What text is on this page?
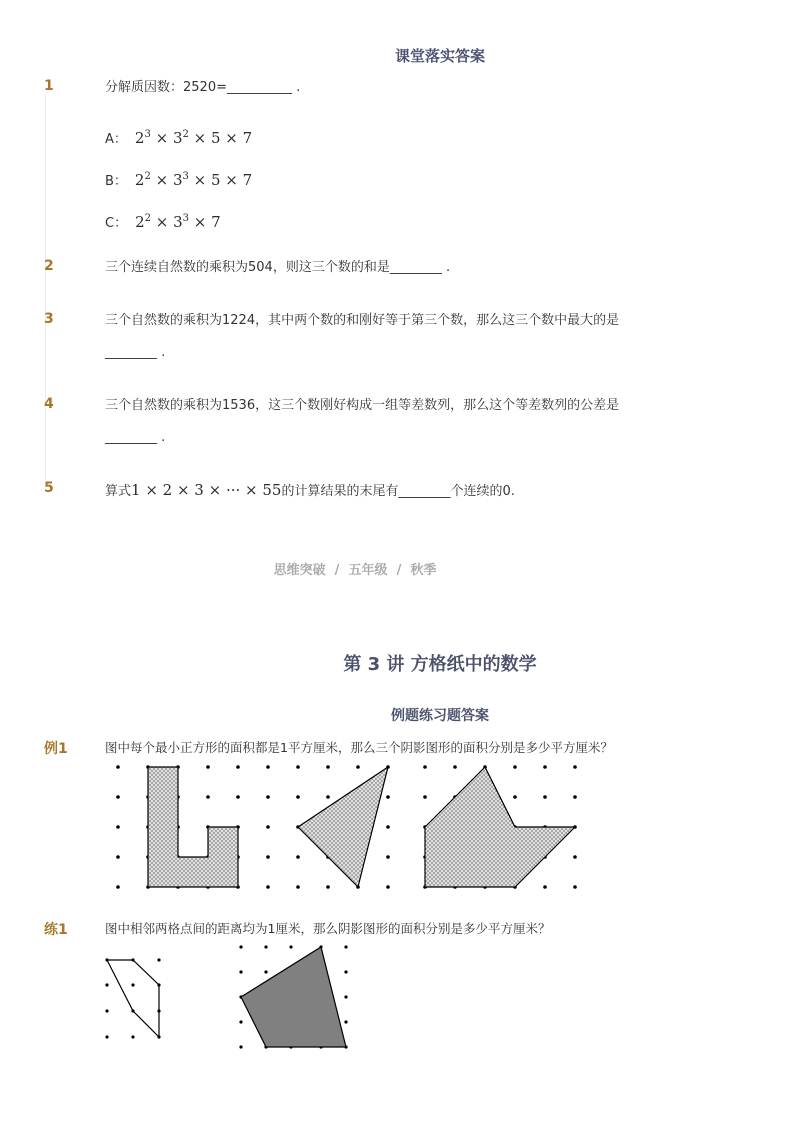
课堂落实答案
1	分解质因数：2520=__________ .
A： $2^3 \times 3^2 \times 5 \times 7$
B： $2^2 \times 3^3 \times 5 \times 7$
C： $2^2 \times 3^3 \times 7$
2	三个连续自然数的乘积为504，则这三个数的和是________ .
3	三个自然数的乘积为1224，其中两个数的和刚好等于第三个数，那么这三个数中最大的是
________ .
4	三个自然数的乘积为1536，这三个数刚好构成一组等差数列，那么这个等差数列的公差是
________ .
5	算式1 × 2 × 3 × ··· × 55的计算结果的末尾有________个连续的0.
思维突破 / 五年级 / 秋季
第 3 讲 方格纸中的数学
例题练习题答案
例1	图中每个最小正方形的面积都是1平方厘米，那么三个阴影图形的面积分别是多少平方厘米？
练1	图中相邻两格点间的距离均为1厘米，那么阴影图形的面积分别是多少平方厘米？
